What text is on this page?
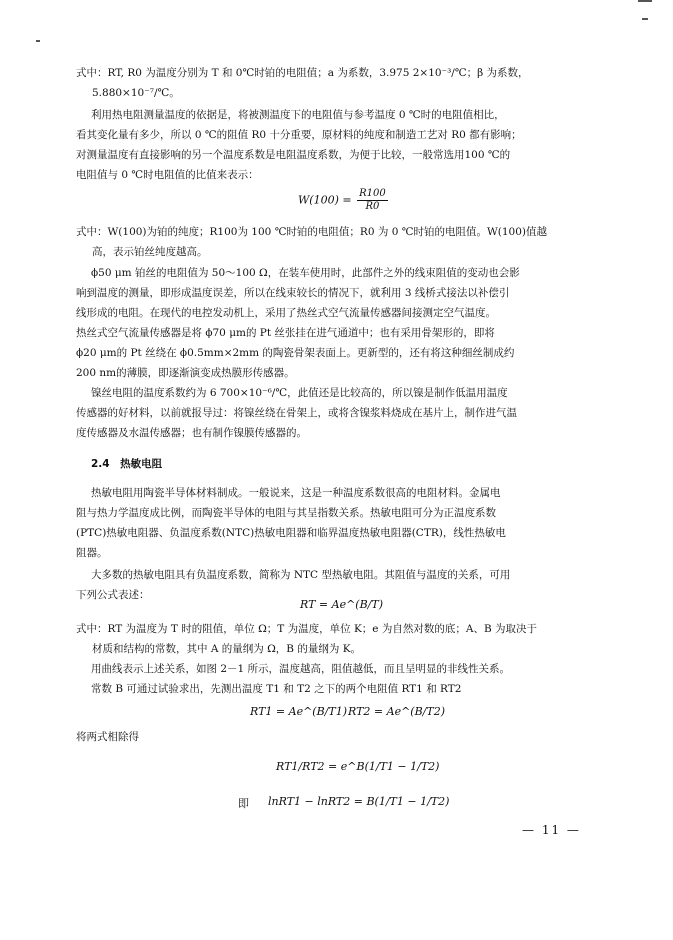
式中：RT, R0 为温度分别为 T 和 0℃时铂的电阻值；a 为系数，3.975 2×10⁻³/℃；β 为系数，
5.880×10⁻⁷/℃。
利用热电阻测量温度的依据是，将被测温度下的电阻值与参考温度 0 ℃时的电阻值相比，
看其变化量有多少，所以 0 ℃的阻值 R0 十分重要，原材料的纯度和制造工艺对 R0 都有影响；
对测量温度有直接影响的另一个温度系数是电阻温度系数，为便于比较，一般常选用100 ℃的
电阻值与 0 ℃时电阻值的比值来表示：
$W(100) = \frac{R100}{R0}$
式中：W(100)为铂的纯度；R100为 100 ℃时铂的电阻值；R0 为 0 ℃时铂的电阻值。W(100)值越
高，表示铂丝纯度越高。
ϕ50 μm 铂丝的电阻值为 50～100 Ω，在装车使用时，此部件之外的线束阻值的变动也会影
响到温度的测量，即形成温度误差，所以在线束较长的情况下，就利用 3 线桥式接法以补偿引
线形成的电阻。在现代的电控发动机上，采用了热丝式空气流量传感器间接测定空气温度。
热丝式空气流量传感器是将 ϕ70 μm的 Pt 丝张挂在进气通道中；也有采用骨架形的，即将
ϕ20 μm的 Pt 丝绕在 ϕ0.5mm×2mm 的陶瓷骨架表面上。更新型的，还有将这种细丝制成约
200 nm的薄膜，即逐渐演变成热膜形传感器。
镍丝电阻的温度系数约为 6 700×10⁻⁶/℃，此值还是比较高的，所以镍是制作低温用温度
传感器的好材料，以前就报导过：将镍丝绕在骨架上，或将含镍浆料烧成在基片上，制作进气温
度传感器及水温传感器；也有制作镍膜传感器的。
2.4　热敏电阻
热敏电阻用陶瓷半导体材料制成。一般说来，这是一种温度系数很高的电阻材料。金属电
阻与热力学温度成比例，而陶瓷半导体的电阻与其呈指数关系。热敏电阻可分为正温度系数
(PTC)热敏电阻器、负温度系数(NTC)热敏电阻器和临界温度热敏电阻器(CTR)，线性热敏电
阻器。
大多数的热敏电阻具有负温度系数，简称为 NTC 型热敏电阻。其阻值与温度的关系，可用
下列公式表述：
RT = Ae^(B/T)
式中：RT 为温度为 T 时的阻值，单位 Ω；T 为温度，单位 K；e 为自然对数的底；A、B 为取决于
材质和结构的常数，其中 A 的量纲为 Ω，B 的量纲为 K。
用曲线表示上述关系，如图 2－1 所示，温度越高，阻值越低，而且呈明显的非线性关系。
常数 B 可通过试验求出，先测出温度 T1 和 T2 之下的两个电阻值 RT1 和 RT2
RT1 = Ae^(B/T1) RT2 = Ae^(B/T2)
将两式相除得
RT1/RT2 = e^B(1/T1 − 1/T2)
即 lnRT1 − lnRT2 = B(1/T1 − 1/T2)
— 11 —
